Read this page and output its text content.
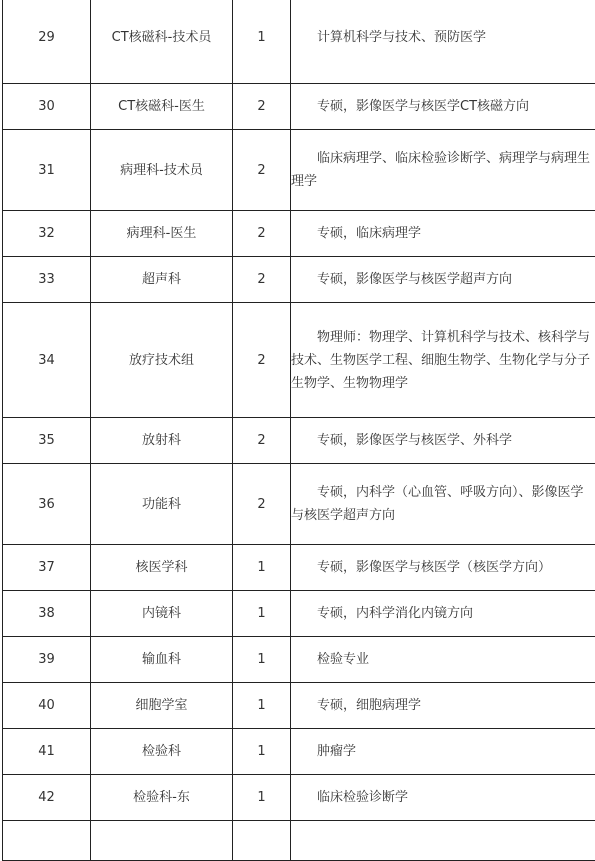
29	CT核磁科-技术员	1	计算机科学与技术、预防医学
30	CT核磁科-医生	2	专硕，影像医学与核医学CT核磁方向
31	病理科-技术员	2	临床病理学、临床检验诊断学、病理学与病理生理学
32	病理科-医生	2	专硕，临床病理学
33	超声科	2	专硕，影像医学与核医学超声方向
34	放疗技术组	2	物理师：物理学、计算机科学与技术、核科学与技术、生物医学工程、细胞生物学、生物化学与分子生物学、生物物理学
35	放射科	2	专硕，影像医学与核医学、外科学
36	功能科	2	专硕，内科学（心血管、呼吸方向）、影像医学与核医学超声方向
37	核医学科	1	专硕，影像医学与核医学（核医学方向）
38	内镜科	1	专硕，内科学消化内镜方向
39	输血科	1	检验专业
40	细胞学室	1	专硕，细胞病理学
41	检验科	1	肿瘤学
42	检验科-东	1	临床检验诊断学
